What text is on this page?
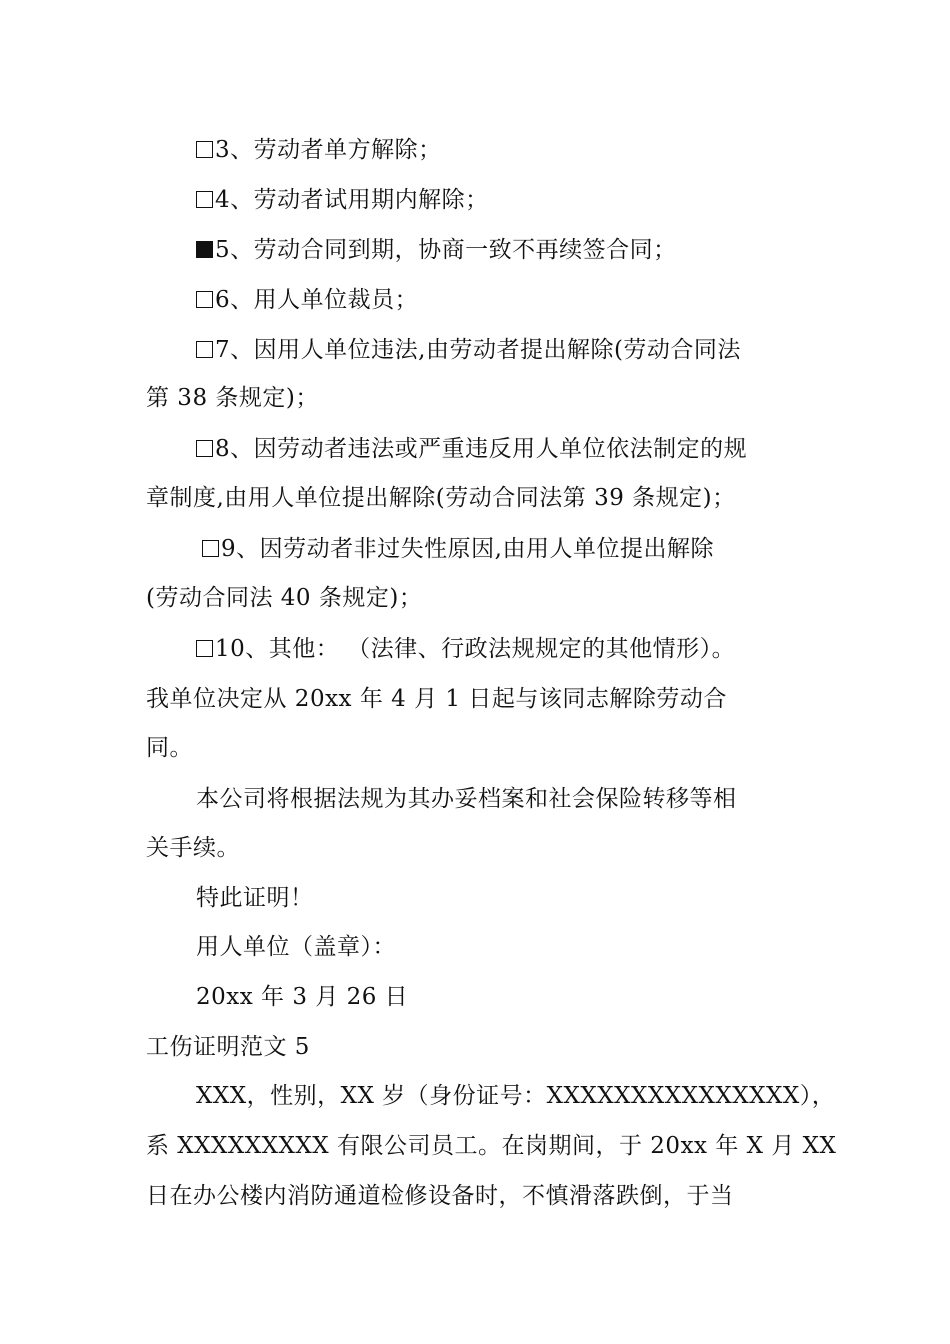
3、劳动者单方解除；
4、劳动者试用期内解除；
5、劳动合同到期，协商一致不再续签合同；
6、用人单位裁员；
7、因用人单位违法,由劳动者提出解除(劳动合同法
第 38 条规定)；
8、因劳动者违法或严重违反用人单位依法制定的规
章制度,由用人单位提出解除(劳动合同法第 39 条规定)；
9、因劳动者非过失性原因,由用人单位提出解除
(劳动合同法 40 条规定)；
10、其他： （法律、行政法规规定的其他情形）。
我单位决定从 20xx 年 4 月 1 日起与该同志解除劳动合
同。
本公司将根据法规为其办妥档案和社会保险转移等相
关手续。
特此证明！
用人单位（盖章）：
20xx 年 3 月 26 日
工伤证明范文 5
XXX，性别，XX 岁（身份证号：XXXXXXXXXXXXXXX），
系 XXXXXXXXX 有限公司员工。在岗期间，于 20xx 年 X 月 XX
日在办公楼内消防通道检修设备时，不慎滑落跌倒，于当
